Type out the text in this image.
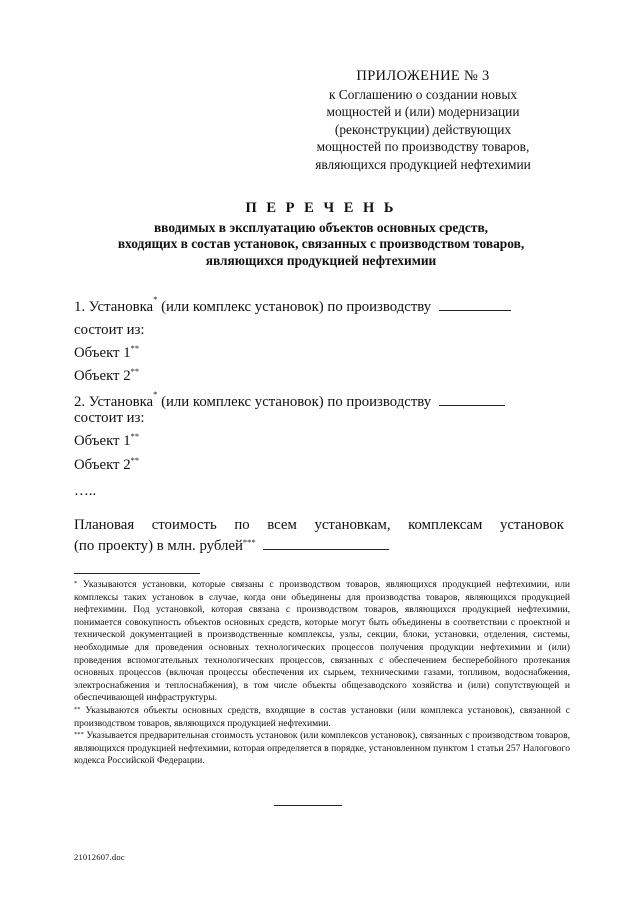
ПРИЛОЖЕНИЕ № 3
к Соглашению о создании новых
мощностей и (или) модернизации
(реконструкции) действующих
мощностей по производству товаров,
являющихся продукцией нефтехимии
П Е Р Е Ч Е Н Ь
вводимых в эксплуатацию объектов основных средств,
входящих в состав установок, связанных с производством товаров,
являющихся продукцией нефтехимии
1. Установка* (или комплекс установок) по производству
состоит из:
Объект 1**
Объект 2**
2. Установка* (или комплекс установок) по производству
состоит из:
Объект 1**
Объект 2**
…..
Плановая стоимость по всем установкам, комплексам установок
(по проекту) в млн. рублей***

* Указываются установки, которые связаны с производством товаров, являющихся продукцией нефтехимии, или комплексы таких установок в случае, когда они объединены для производства товаров, являющихся продукцией нефтехимии. Под установкой, которая связана с производством товаров, являющихся продукцией нефтехимии, понимается совокупность объектов основных средств, которые могут быть объединены в соответствии с проектной и технической документацией в производственные комплексы, узлы, секции, блоки, установки, отделения, системы, необходимые для проведения основных технологических процессов получения продукции нефтехимии и (или) проведения вспомогательных технологических процессов, связанных с обеспечением бесперебойного протекания основных процессов (включая процессы обеспечения их сырьем, техническими газами, топливом, водоснабжения, электроснабжения и теплоснабжения), в том числе объекты общезаводского хозяйства и (или) сопутствующей и обеспечивающей инфраструктуры.

** Указываются объекты основных средств, входящие в состав установки (или комплекса установок), связанной с производством товаров, являющихся продукцией нефтехимии.

*** Указывается предварительная стоимость установок (или комплексов установок), связанных с производством товаров, являющихся продукцией нефтехимии, которая определяется в порядке, установленном пунктом 1 статьи 257 Налогового кодекса Российской Федерации.

21012607.doc
